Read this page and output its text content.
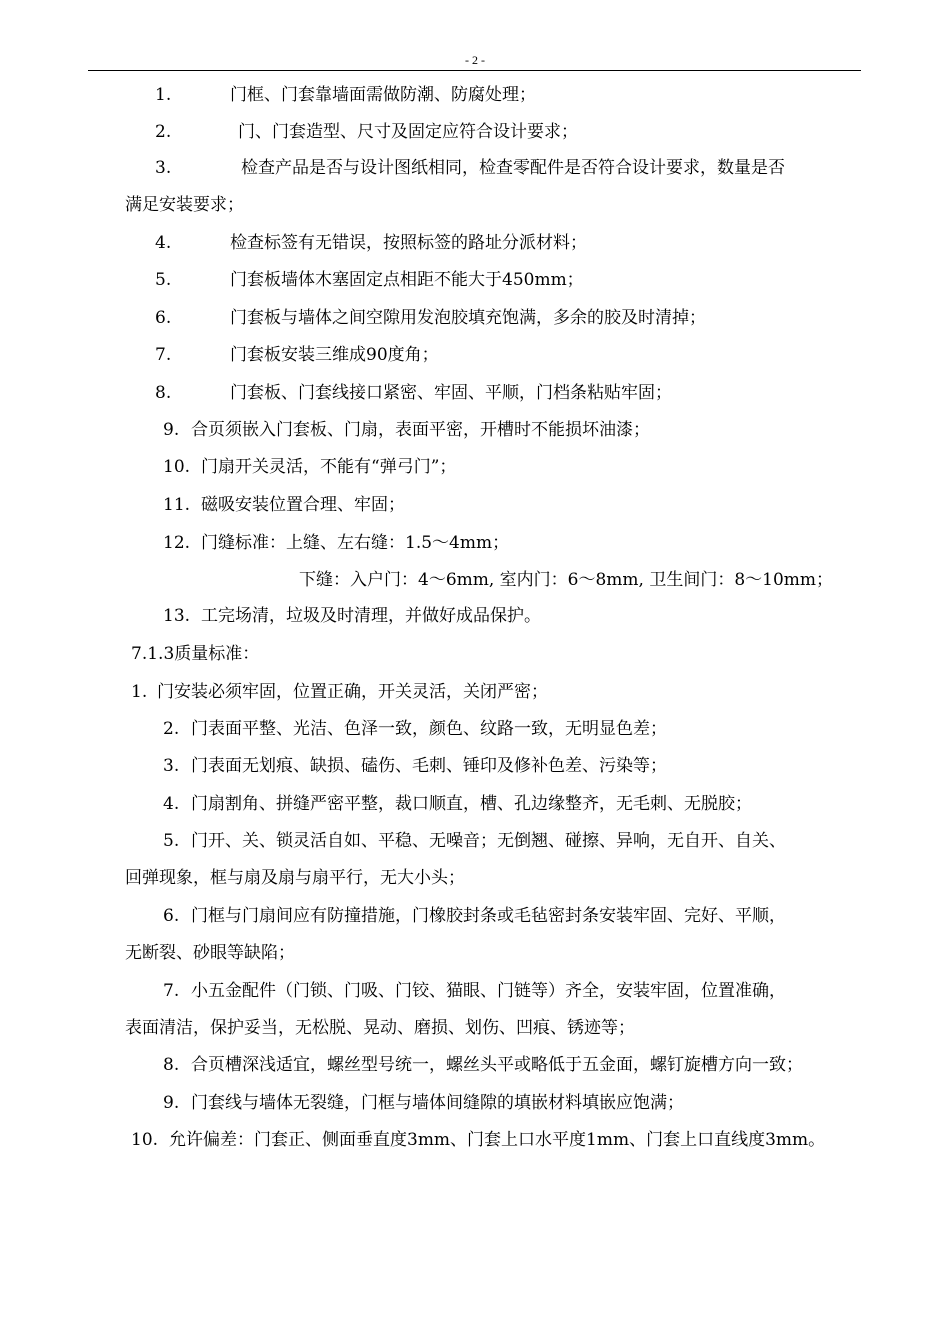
- 2 -
1.	门框、门套靠墙面需做防潮、防腐处理；
2.	门、门套造型、尺寸及固定应符合设计要求；
3.	检查产品是否与设计图纸相同，检查零配件是否符合设计要求，数量是否
满足安装要求；
4.	检查标签有无错误，按照标签的路址分派材料；
5.	门套板墙体木塞固定点相距不能大于450mm；
6.	门套板与墙体之间空隙用发泡胶填充饱满，多余的胶及时清掉；
7.	门套板安装三维成90度角；
8.	门套板、门套线接口紧密、牢固、平顺，门档条粘贴牢固；
9. 合页须嵌入门套板、门扇，表面平密，开槽时不能损坏油漆；
10. 门扇开关灵活，不能有“弹弓门”；
11. 磁吸安装位置合理、牢固；
12. 门缝标准：上缝、左右缝：1.5～4mm；
下缝：入户门：4～6mm, 室内门：6～8mm, 卫生间门：8～10mm；
13. 工完场清，垃圾及时清理，并做好成品保护。
7.1.3质量标准：
1. 门安装必须牢固，位置正确，开关灵活，关闭严密；
2. 门表面平整、光洁、色泽一致，颜色、纹路一致，无明显色差；
3. 门表面无划痕、缺损、磕伤、毛刺、锤印及修补色差、污染等；
4. 门扇割角、拼缝严密平整，裁口顺直，槽、孔边缘整齐，无毛刺、无脱胶；
5. 门开、关、锁灵活自如、平稳、无噪音；无倒翘、碰擦、异响，无自开、自关、
回弹现象，框与扇及扇与扇平行，无大小头；
6. 门框与门扇间应有防撞措施，门橡胶封条或毛毡密封条安装牢固、完好、平顺，
无断裂、砂眼等缺陷；
7. 小五金配件（门锁、门吸、门铰、猫眼、门链等）齐全，安装牢固，位置准确，
表面清洁，保护妥当，无松脱、晃动、磨损、划伤、凹痕、锈迹等；
8. 合页槽深浅适宜，螺丝型号统一，螺丝头平或略低于五金面，螺钉旋槽方向一致；
9. 门套线与墙体无裂缝，门框与墙体间缝隙的填嵌材料填嵌应饱满；
10. 允许偏差：门套正、侧面垂直度3mm、门套上口水平度1mm、门套上口直线度3mm。
